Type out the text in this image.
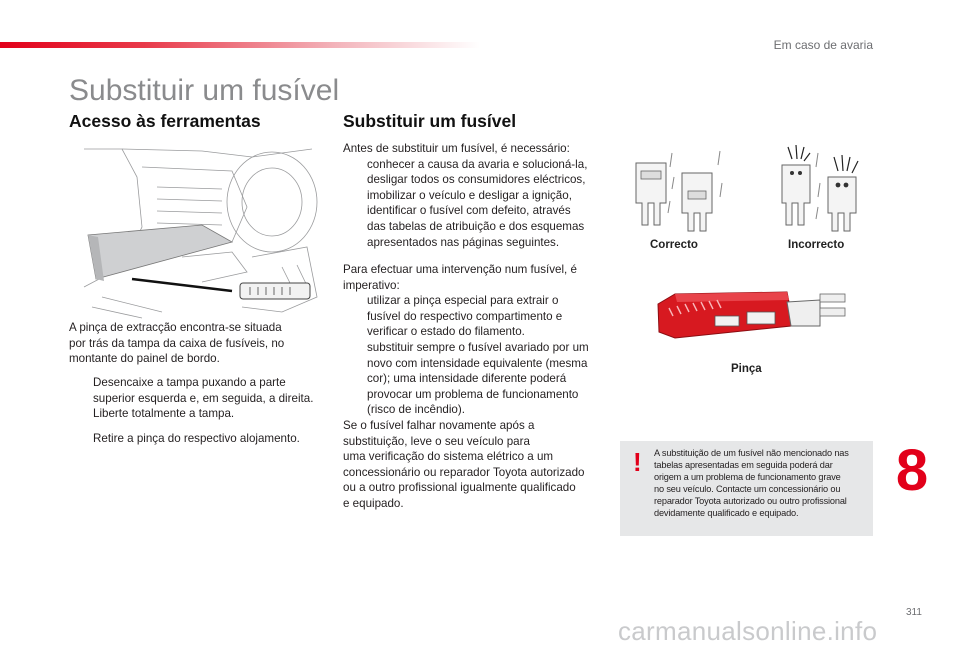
Em caso de avaria
Substituir um fusível
Acesso às ferramentas
A pinça de extracção encontra-se situada
por trás da tampa da caixa de fusíveis, no
montante do painel de bordo.
Desencaixe a tampa puxando a parte
superior esquerda e, em seguida, a direita.
Liberte totalmente a tampa.
Retire a pinça do respectivo alojamento.
Substituir um fusível
Antes de substituir um fusível, é necessário:
conhecer a causa da avaria e solucioná-la,
desligar todos os consumidores eléctricos,
imobilizar o veículo e desligar a ignição,
identificar o fusível com defeito, através
das tabelas de atribuição e dos esquemas
apresentados nas páginas seguintes.
Para efectuar uma intervenção num fusível, é
imperativo:
utilizar a pinça especial para extrair o
fusível do respectivo compartimento e
verificar o estado do filamento.
substituir sempre o fusível avariado por um
novo com intensidade equivalente (mesma
cor); uma intensidade diferente poderá
provocar um problema de funcionamento
(risco de incêndio).
Se o fusível falhar novamente após a
substituição, leve o seu veículo para
uma verificação do sistema elétrico a um
concessionário ou reparador Toyota autorizado
ou a outro profissional igualmente qualificado
e equipado.
Correcto	Incorrecto
Pinça
! A substituição de um fusível não mencionado nas
tabelas apresentadas em seguida poderá dar
origem a um problema de funcionamento grave
no seu veículo. Contacte um concessionário ou
reparador Toyota autorizado ou outro profissional
devidamente qualificado e equipado.
8
311
carmanualsonline.info
